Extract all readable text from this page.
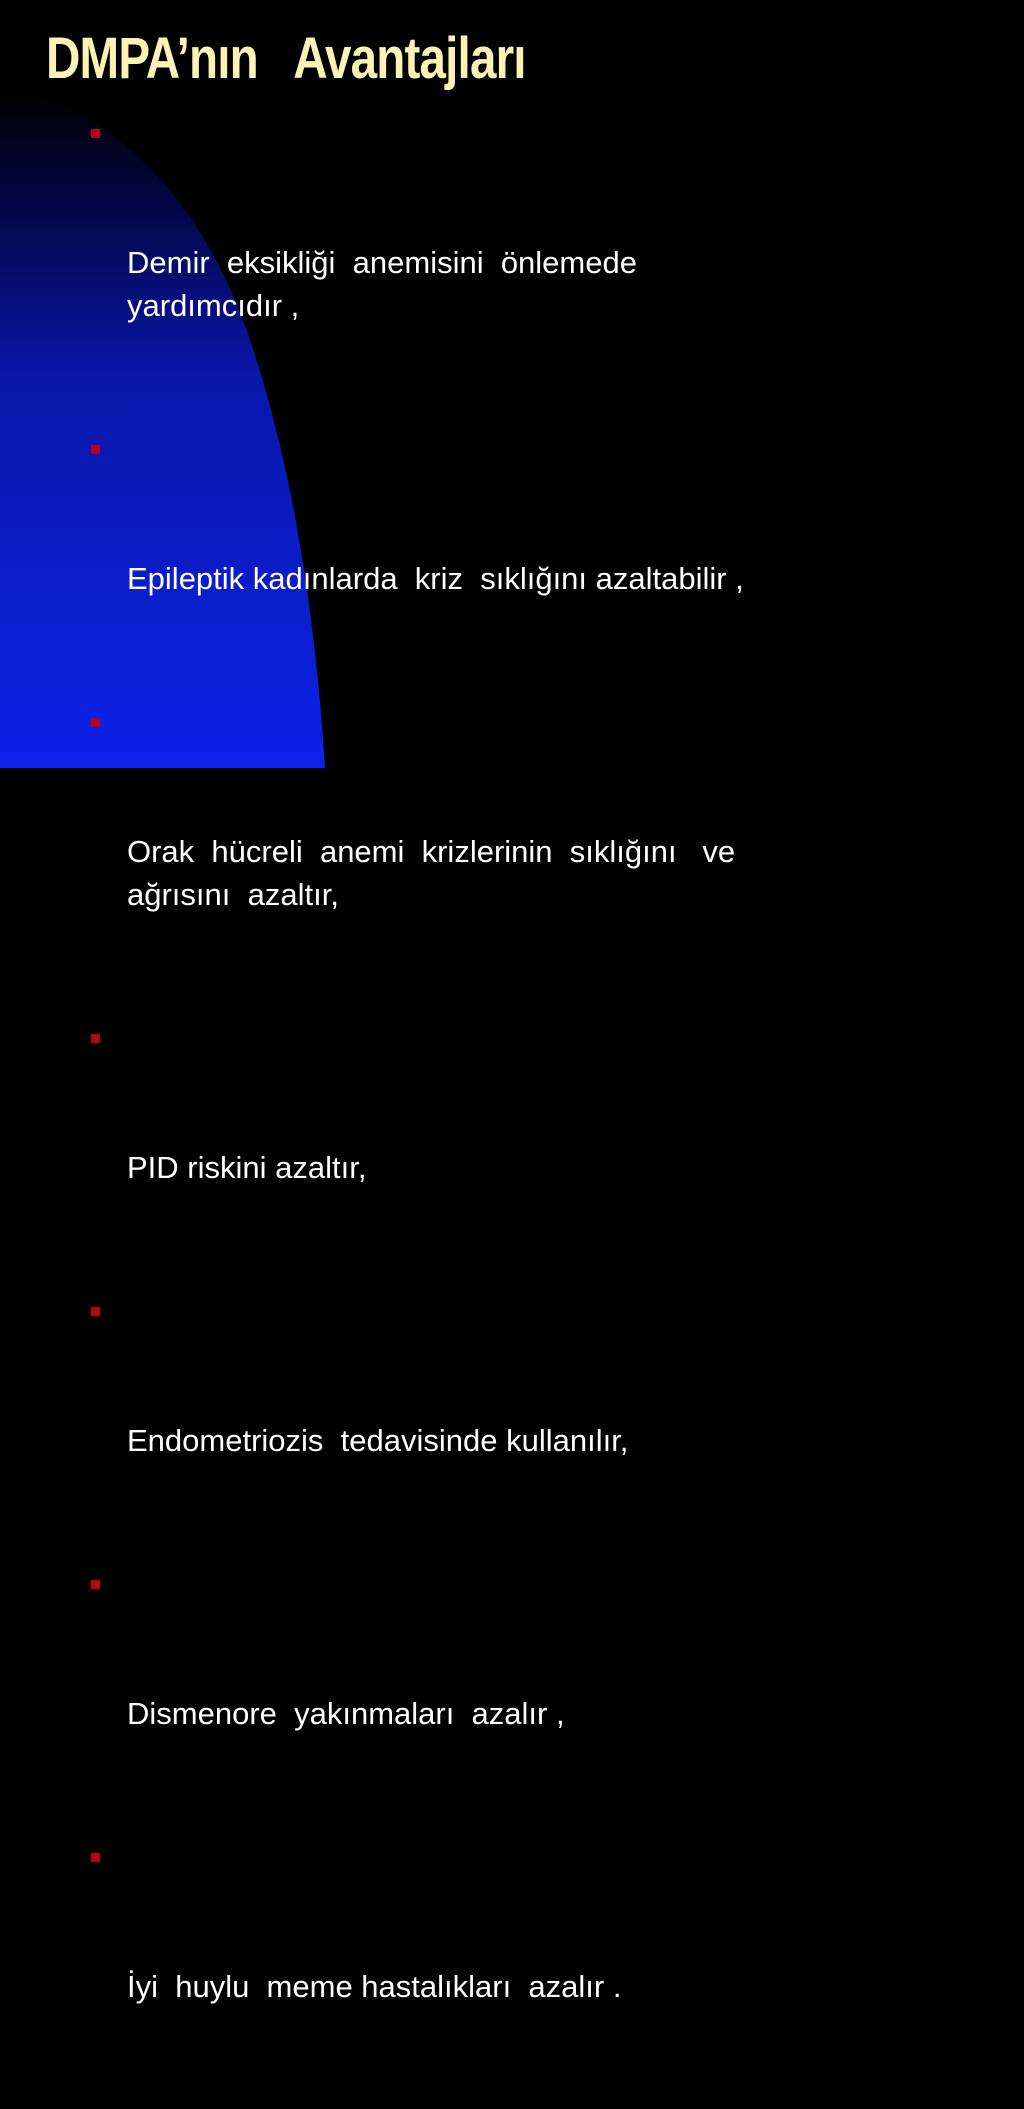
DMPA’nın   Avantajları

Demir  eksikliği  anemisini  önlemede
yardımcıdır ,

Epileptik kadınlarda  kriz  sıklığını azaltabilir ,

Orak  hücreli  anemi  krizlerinin  sıklığını   ve
ağrısını  azaltır,

PID riskini azaltır,

Endometriozis  tedavisinde kullanılır,

Dismenore  yakınmaları  azalır ,

İyi  huylu  meme hastalıkları  azalır .
